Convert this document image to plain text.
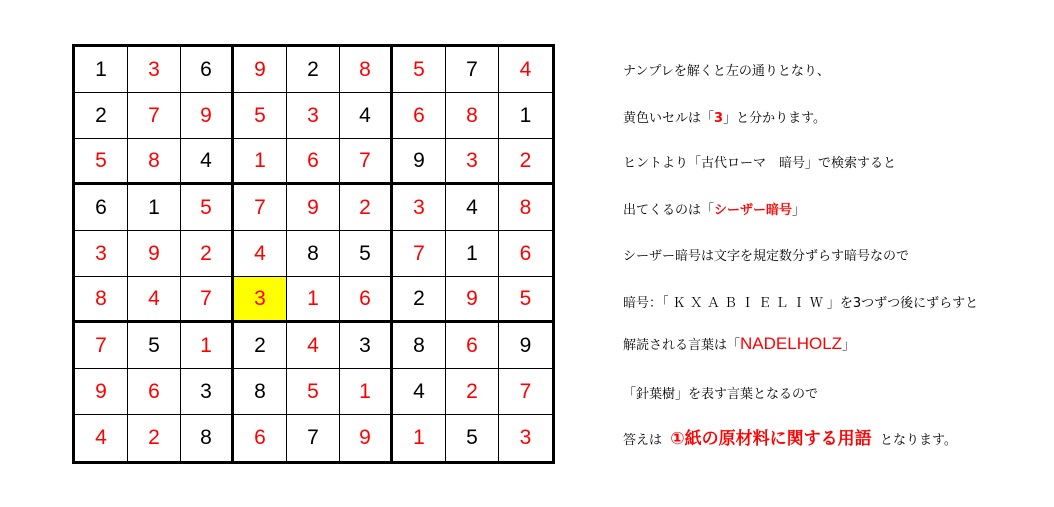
1	3	6	9	2	8	5	7	4
2	7	9	5	3	4	6	8	1
5	8	4	1	6	7	9	3	2
6	1	5	7	9	2	3	4	8
3	9	2	4	8	5	7	1	6
8	4	7	3	1	6	2	9	5
7	5	1	2	4	3	8	6	9
9	6	3	8	5	1	4	2	7
4	2	8	6	7	9	1	5	3
ナンプレを解くと左の通りとなり、
黄色いセルは「3」と分かります。
ヒントより「古代ローマ　暗号」で検索すると
出てくるのは「シーザー暗号」
シーザー暗号は文字を規定数分ずらす暗号なので
暗号：「 Ｋ Ｘ Ａ Ｂ Ｉ Ｅ Ｌ Ｉ Ｗ 」を3つずつ後にずらすと
解読される言葉は「NADELHOLZ」
「針葉樹」を表す言葉となるので
答えは ①紙の原材料に関する用語 となります。
